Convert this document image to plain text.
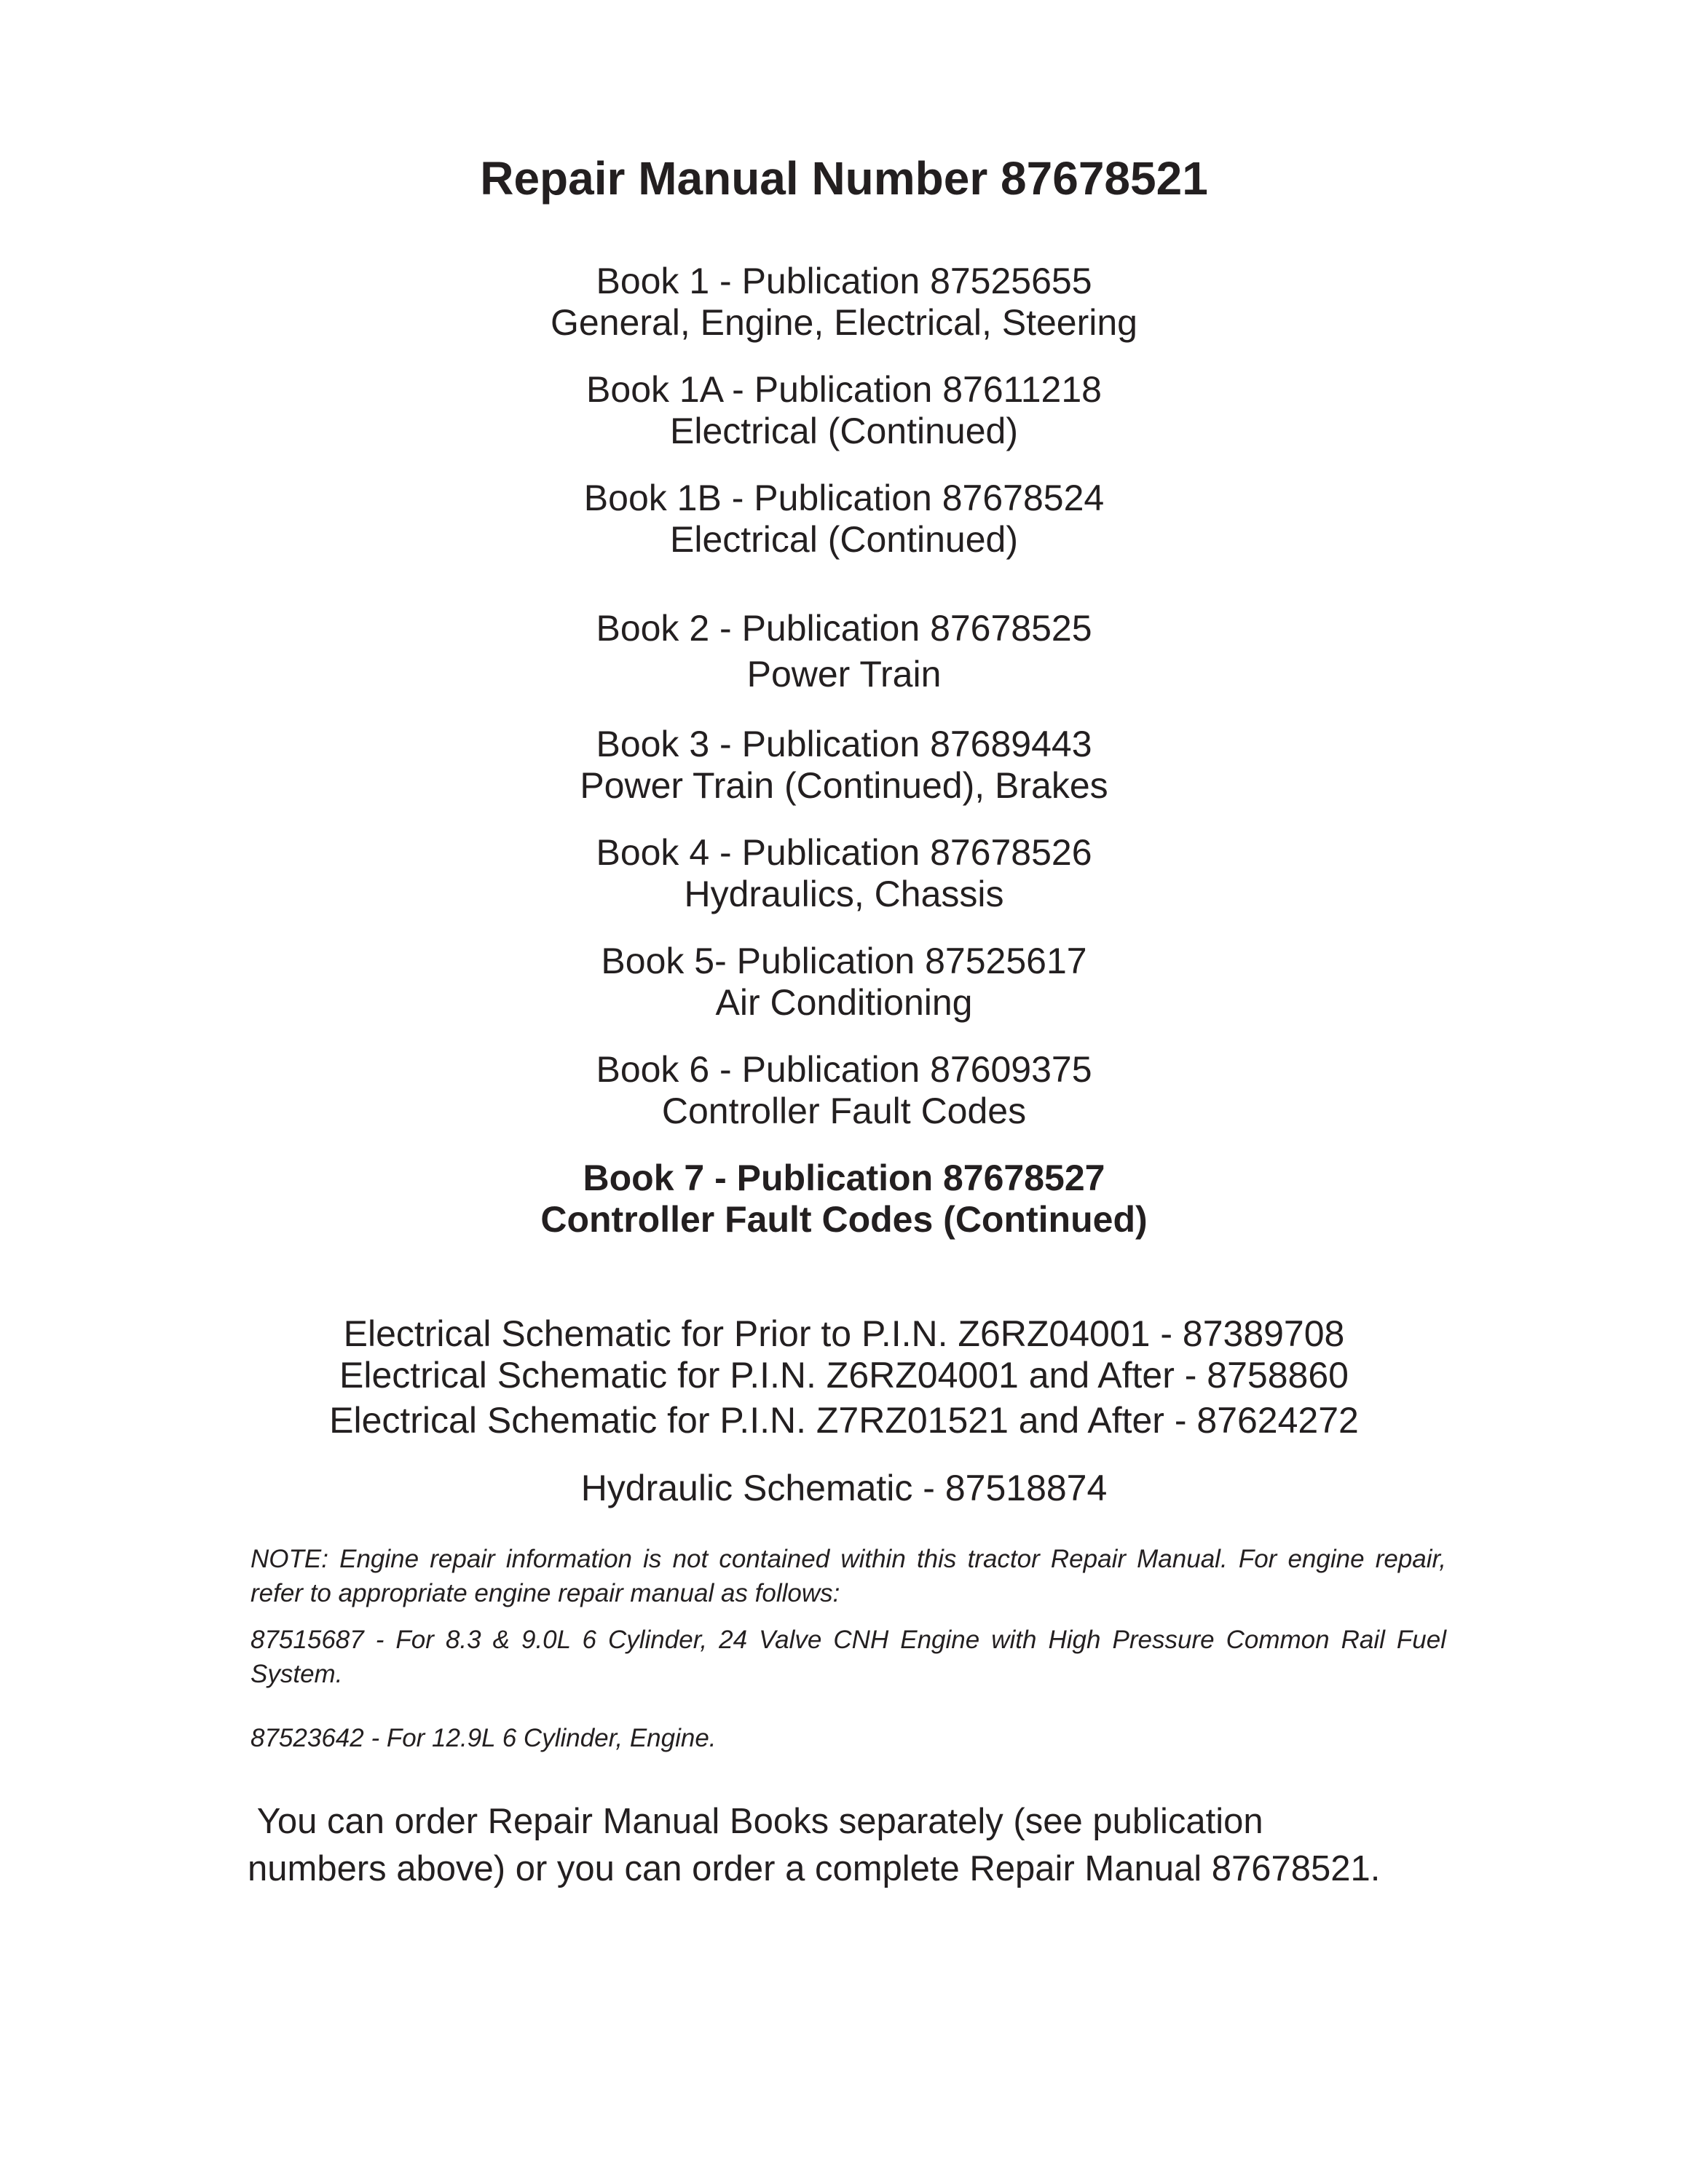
Repair Manual Number 87678521
Book 1 - Publication 87525655
General, Engine, Electrical, Steering
Book 1A - Publication 87611218
Electrical (Continued)
Book 1B - Publication 87678524
Electrical (Continued)
Book 2 - Publication 87678525
Power Train
Book 3 - Publication 87689443
Power Train (Continued), Brakes
Book 4 - Publication 87678526
Hydraulics, Chassis
Book 5- Publication 87525617
Air Conditioning
Book 6 - Publication 87609375
Controller Fault Codes
Book 7 - Publication 87678527
Controller Fault Codes (Continued)
Electrical Schematic for Prior to P.I.N. Z6RZ04001 - 87389708
Electrical Schematic for P.I.N. Z6RZ04001 and After - 8758860
Electrical Schematic for P.I.N. Z7RZ01521 and After - 87624272
Hydraulic Schematic - 87518874
NOTE: Engine repair information is not contained within this tractor Repair Manual. For engine repair, refer to appropriate engine repair manual as follows:
87515687 - For 8.3 & 9.0L 6 Cylinder, 24 Valve CNH Engine with High Pressure Common Rail Fuel System.
87523642 - For 12.9L 6 Cylinder, Engine.
You can order Repair Manual Books separately (see publication
numbers above) or you can order a complete Repair Manual 87678521.
